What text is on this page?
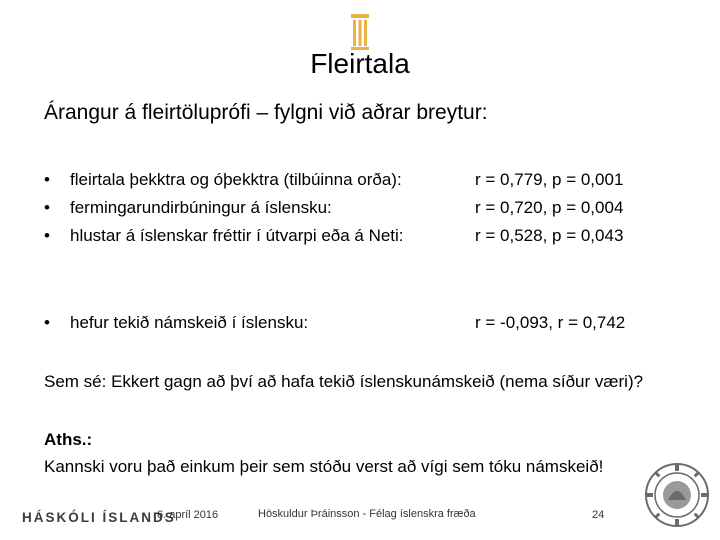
Fleirtala
Árangur á fleirtöluprófi – fylgni við aðrar breytur:
• fleirtala þekktra og óþekktra (tilbúinna orða):	r = 0,779, p = 0,001
• fermingarundirbúningur á íslensku:	r = 0,720, p = 0,004
• hlustar á íslenskar fréttir í útvarpi eða á Neti:	r = 0,528, p = 0,043
• hefur tekið námskeið í íslensku:	r = -0,093, r = 0,742
Sem sé: Ekkert gagn að því að hafa tekið íslenskunámskeið (nema síður væri)?
Aths.:
Kannski voru það einkum þeir sem stóðu verst að vígi sem tóku námskeið!
HÁSKÓLI ÍSLANDS
6. apríl 2016	Höskuldur Þráinsson - Félag íslenskra fræða	24
